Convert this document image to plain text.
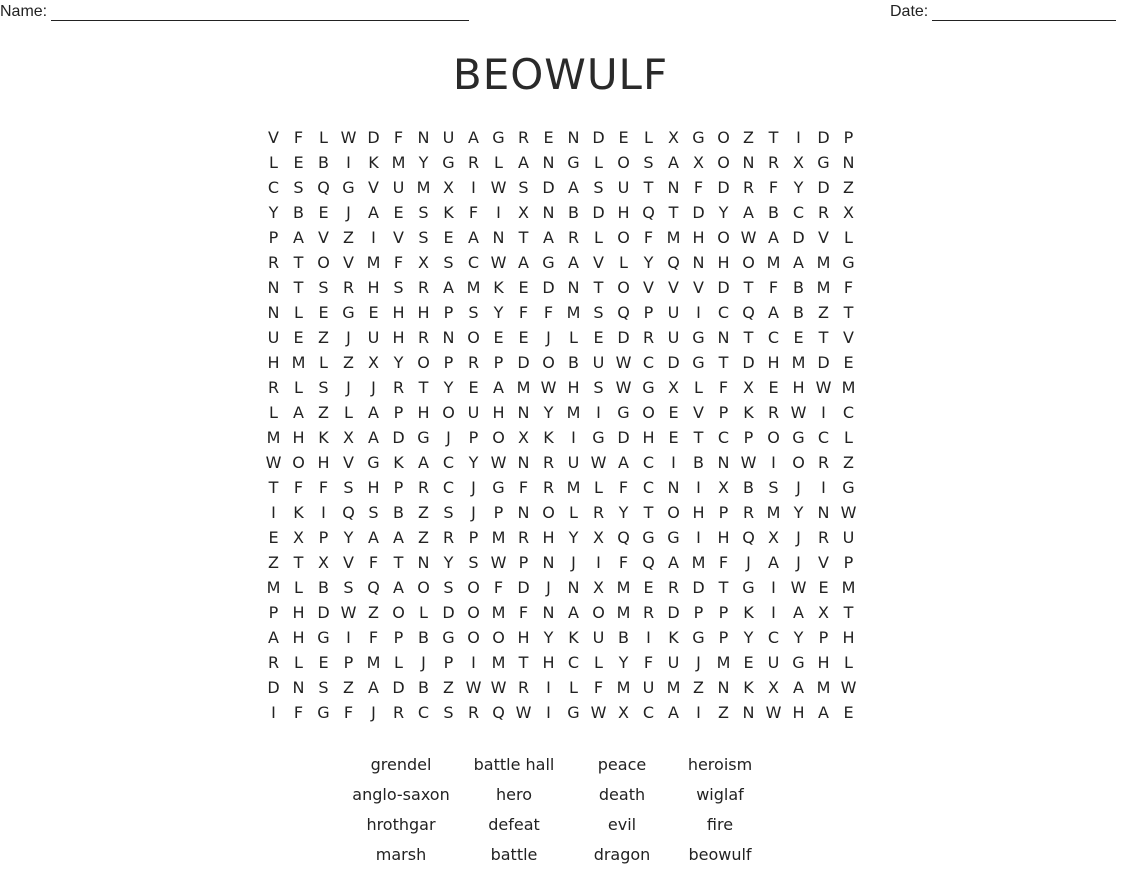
Name:	Date:
BEOWULF
V F L W D F N U A G R E N D E L X G O Z T	I	D P
L E B	I	K M Y G R L A N G L O S A X O N R X G N
C S Q G V U M X	I W S D A S U T N F D R F Y D Z
Y B E	J	A E S K F	I	X N B D H Q T D Y A B C R X
P A V Z	I	V S E A N T A R L O F M H O W A D V L
R T O V M F X S C W A G A V L Y Q N H O M A M G
N T S R H S R A M K E D N T O V V V D T F B M F
N L E G E H H P S Y F F M S Q P U	I	C Q A B Z T
U E Z	J	U H R N O E E	J	L E D R U G N T C E T V
H M L Z X Y O P R P D O B U W C D G T D H M D E
R L S	J	J	R T Y E A M W H S W G X L F X E H W M
L A Z L A P H O U H N Y M I	G O E V P K R W I	C
M H K X A D G	J	P O X K	I	G D H E T C P O G C L
W O H V G K A C Y W N R U W A C	I	B N W I	O R Z
T F F S H P R C	J	G F R M L F C N	I	X B S	J	I	G
I	K	I	Q S B Z S	J	P N O L R Y T O H P R M Y N W
E X P Y A A Z R P M R H Y X Q G G	I	H Q X	J	R U
Z T X V F T N Y S W P N	J	I	F Q A M F	J	A	J	V P
M L B S Q A O S O F D	J	N X M E R D T G	I W E M
P H D W Z O L D O M F N A O M R D P P K	I	A X T
A H G	I	F P B G O O H Y K U B	I	K G P Y C Y P H
R L E P M L	J	P	I M T H C L Y F U	J M E U G H L
D N S Z A D B Z W W R	I	L F M U M Z N K X A M W
I	F G F	J	R C S R Q W I	G W X C A	I	Z N W H A E
grendel	battle hall	peace	heroism
anglo-saxon	hero	death	wiglaf
hrothgar	defeat	evil	fire
marsh	battle	dragon	beowulf
